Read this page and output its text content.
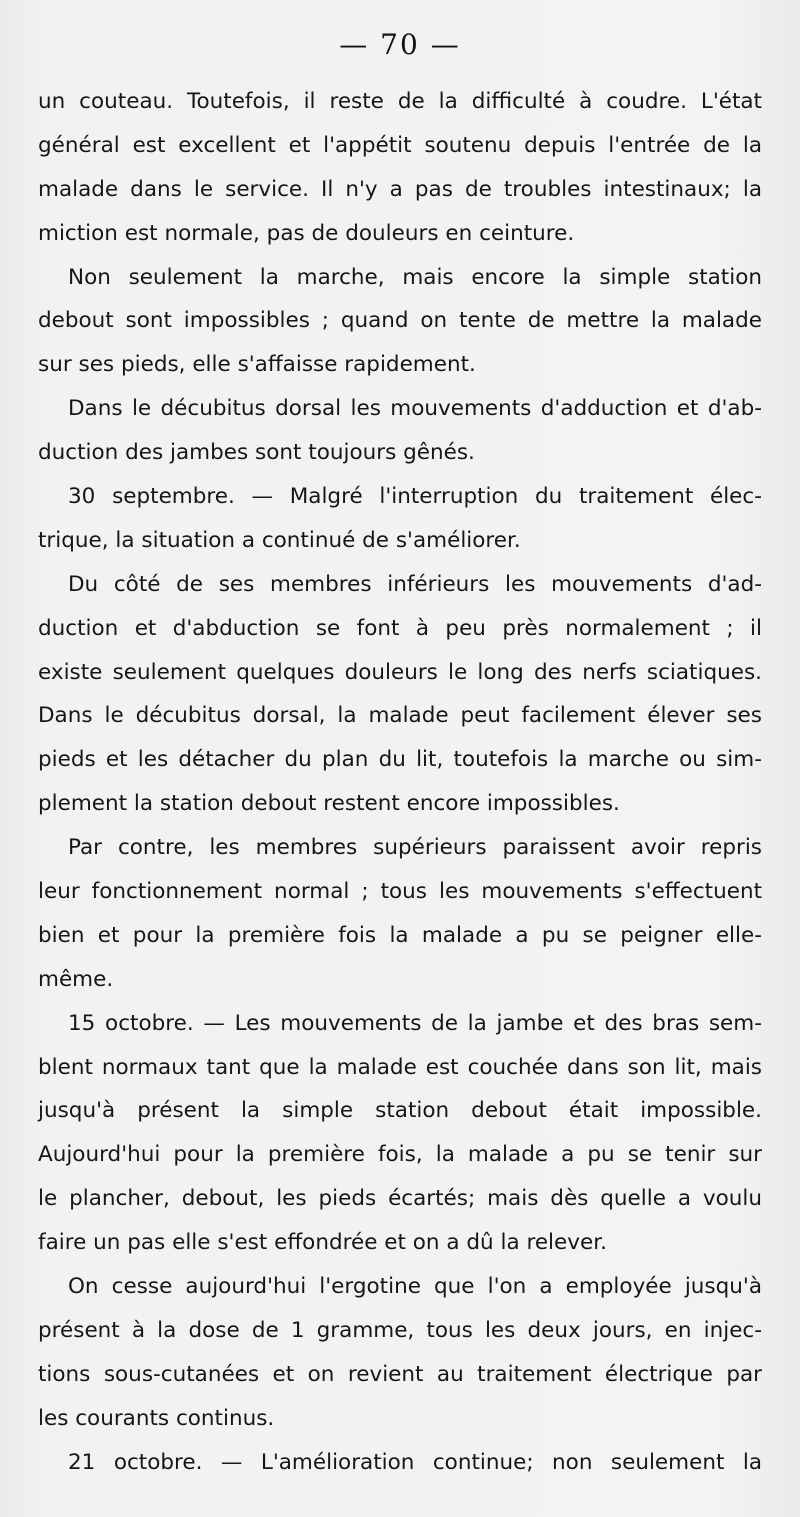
— 70 —
un couteau. Toutefois, il reste de la difficulté à coudre. L'état
général est excellent et l'appétit soutenu depuis l'entrée de la
malade dans le service. Il n'y a pas de troubles intestinaux; la
miction est normale, pas de douleurs en ceinture.
Non seulement la marche, mais encore la simple station
debout sont impossibles ; quand on tente de mettre la malade
sur ses pieds, elle s'affaisse rapidement.
Dans le décubitus dorsal les mouvements d'adduction et d'ab-
duction des jambes sont toujours gênés.
30 septembre. — Malgré l'interruption du traitement élec-
trique, la situation a continué de s'améliorer.
Du côté de ses membres inférieurs les mouvements d'ad-
duction et d'abduction se font à peu près normalement ; il
existe seulement quelques douleurs le long des nerfs sciatiques.
Dans le décubitus dorsal, la malade peut facilement élever ses
pieds et les détacher du plan du lit, toutefois la marche ou sim-
plement la station debout restent encore impossibles.
Par contre, les membres supérieurs paraissent avoir repris
leur fonctionnement normal ; tous les mouvements s'effectuent
bien et pour la première fois la malade a pu se peigner elle-
même.
15 octobre. — Les mouvements de la jambe et des bras sem-
blent normaux tant que la malade est couchée dans son lit, mais
jusqu'à présent la simple station debout était impossible.
Aujourd'hui pour la première fois, la malade a pu se tenir sur
le plancher, debout, les pieds écartés; mais dès quelle a voulu
faire un pas elle s'est effondrée et on a dû la relever.
On cesse aujourd'hui l'ergotine que l'on a employée jusqu'à
présent à la dose de 1 gramme, tous les deux jours, en injec-
tions sous-cutanées et on revient au traitement électrique par
les courants continus.
21 octobre. — L'amélioration continue; non seulement la
